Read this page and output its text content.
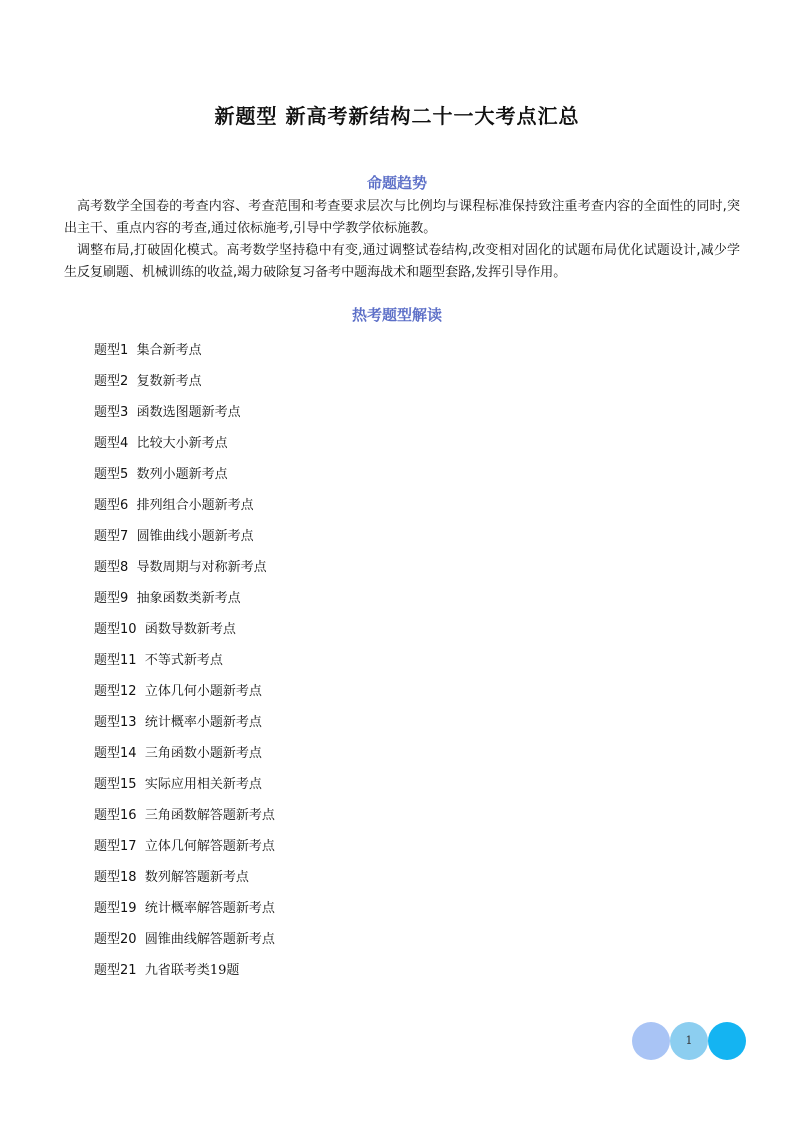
新题型 新高考新结构二十一大考点汇总
命题趋势

高考数学全国卷的考查内容、考查范围和考查要求层次与比例均与课程标准保持致注重考查内容的全面性的同时,突出主干、重点内容的考查,通过依标施考,引导中学教学依标施教。

调整布局,打破固化模式。高考数学坚持稳中有变,通过调整试卷结构,改变相对固化的试题布局优化试题设计,减少学生反复刷题、机械训练的收益,竭力破除复习备考中题海战术和题型套路,发挥引导作用。

热考题型解读
题型1 集合新考点
题型2 复数新考点
题型3 函数选图题新考点
题型4 比较大小新考点
题型5 数列小题新考点
题型6 排列组合小题新考点
题型7 圆锥曲线小题新考点
题型8 导数周期与对称新考点
题型9 抽象函数类新考点
题型10 函数导数新考点
题型11 不等式新考点
题型12 立体几何小题新考点
题型13 统计概率小题新考点
题型14 三角函数小题新考点
题型15 实际应用相关新考点
题型16 三角函数解答题新考点
题型17 立体几何解答题新考点
题型18 数列解答题新考点
题型19 统计概率解答题新考点
题型20 圆锥曲线解答题新考点
题型21 九省联考类19题
1
